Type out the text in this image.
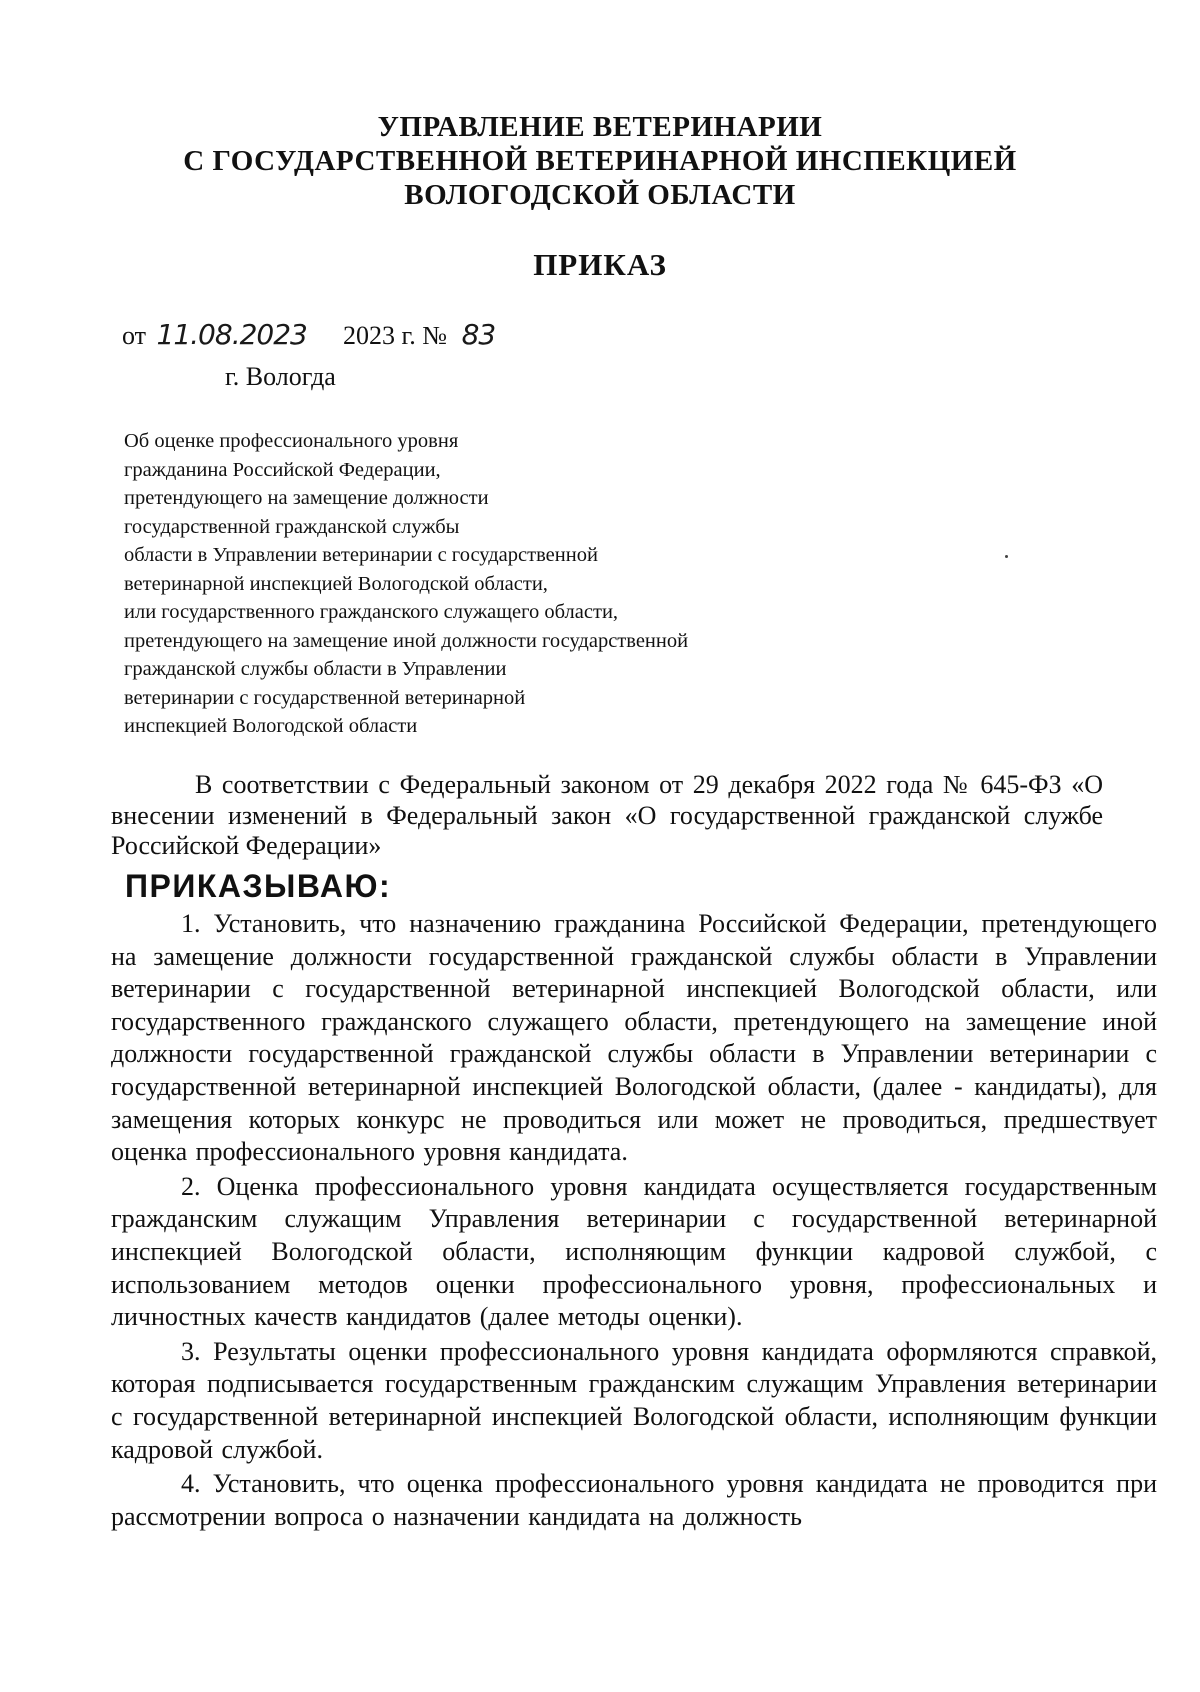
УПРАВЛЕНИЕ ВЕТЕРИНАРИИ
С ГОСУДАРСТВЕННОЙ ВЕТЕРИНАРНОЙ ИНСПЕКЦИЕЙ
ВОЛОГОДСКОЙ ОБЛАСТИ
ПРИКАЗ
от 11.08.2023 2023 г. № 83
г. Вологда
Об оценке профессионального уровня
гражданина Российской Федерации,
претендующего на замещение должности
государственной гражданской службы
области в Управлении ветеринарии с государственной
ветеринарной инспекцией Вологодской области,
или государственного гражданского служащего области,
претендующего на замещение иной должности государственной
гражданской службы области в Управлении
ветеринарии с государственной ветеринарной
инспекцией Вологодской области
В соответствии с Федеральный законом от 29 декабря 2022 года № 645-ФЗ «О внесении изменений в Федеральный закон «О государственной гражданской службе Российской Федерации»
ПРИКАЗЫВАЮ:

1. Установить, что назначению гражданина Российской Федерации, претендующего на замещение должности государственной гражданской службы области в Управлении ветеринарии с государственной ветеринарной инспекцией Вологодской области, или государственного гражданского служащего области, претендующего на замещение иной должности государственной гражданской службы области в Управлении ветеринарии с государственной ветеринарной инспекцией Вологодской области, (далее - кандидаты), для замещения которых конкурс не проводиться или может не проводиться, предшествует оценка профессионального уровня кандидата.

2. Оценка профессионального уровня кандидата осуществляется государственным гражданским служащим Управления ветеринарии с государственной ветеринарной инспекцией Вологодской области, исполняющим функции кадровой службой, с использованием методов оценки профессионального уровня, профессиональных и личностных качеств кандидатов (далее методы оценки).

3. Результаты оценки профессионального уровня кандидата оформляются справкой, которая подписывается государственным гражданским служащим Управления ветеринарии с государственной ветеринарной инспекцией Вологодской области, исполняющим функции кадровой службой.

4. Установить, что оценка профессионального уровня кандидата не проводится при рассмотрении вопроса о назначении кандидата на должность
